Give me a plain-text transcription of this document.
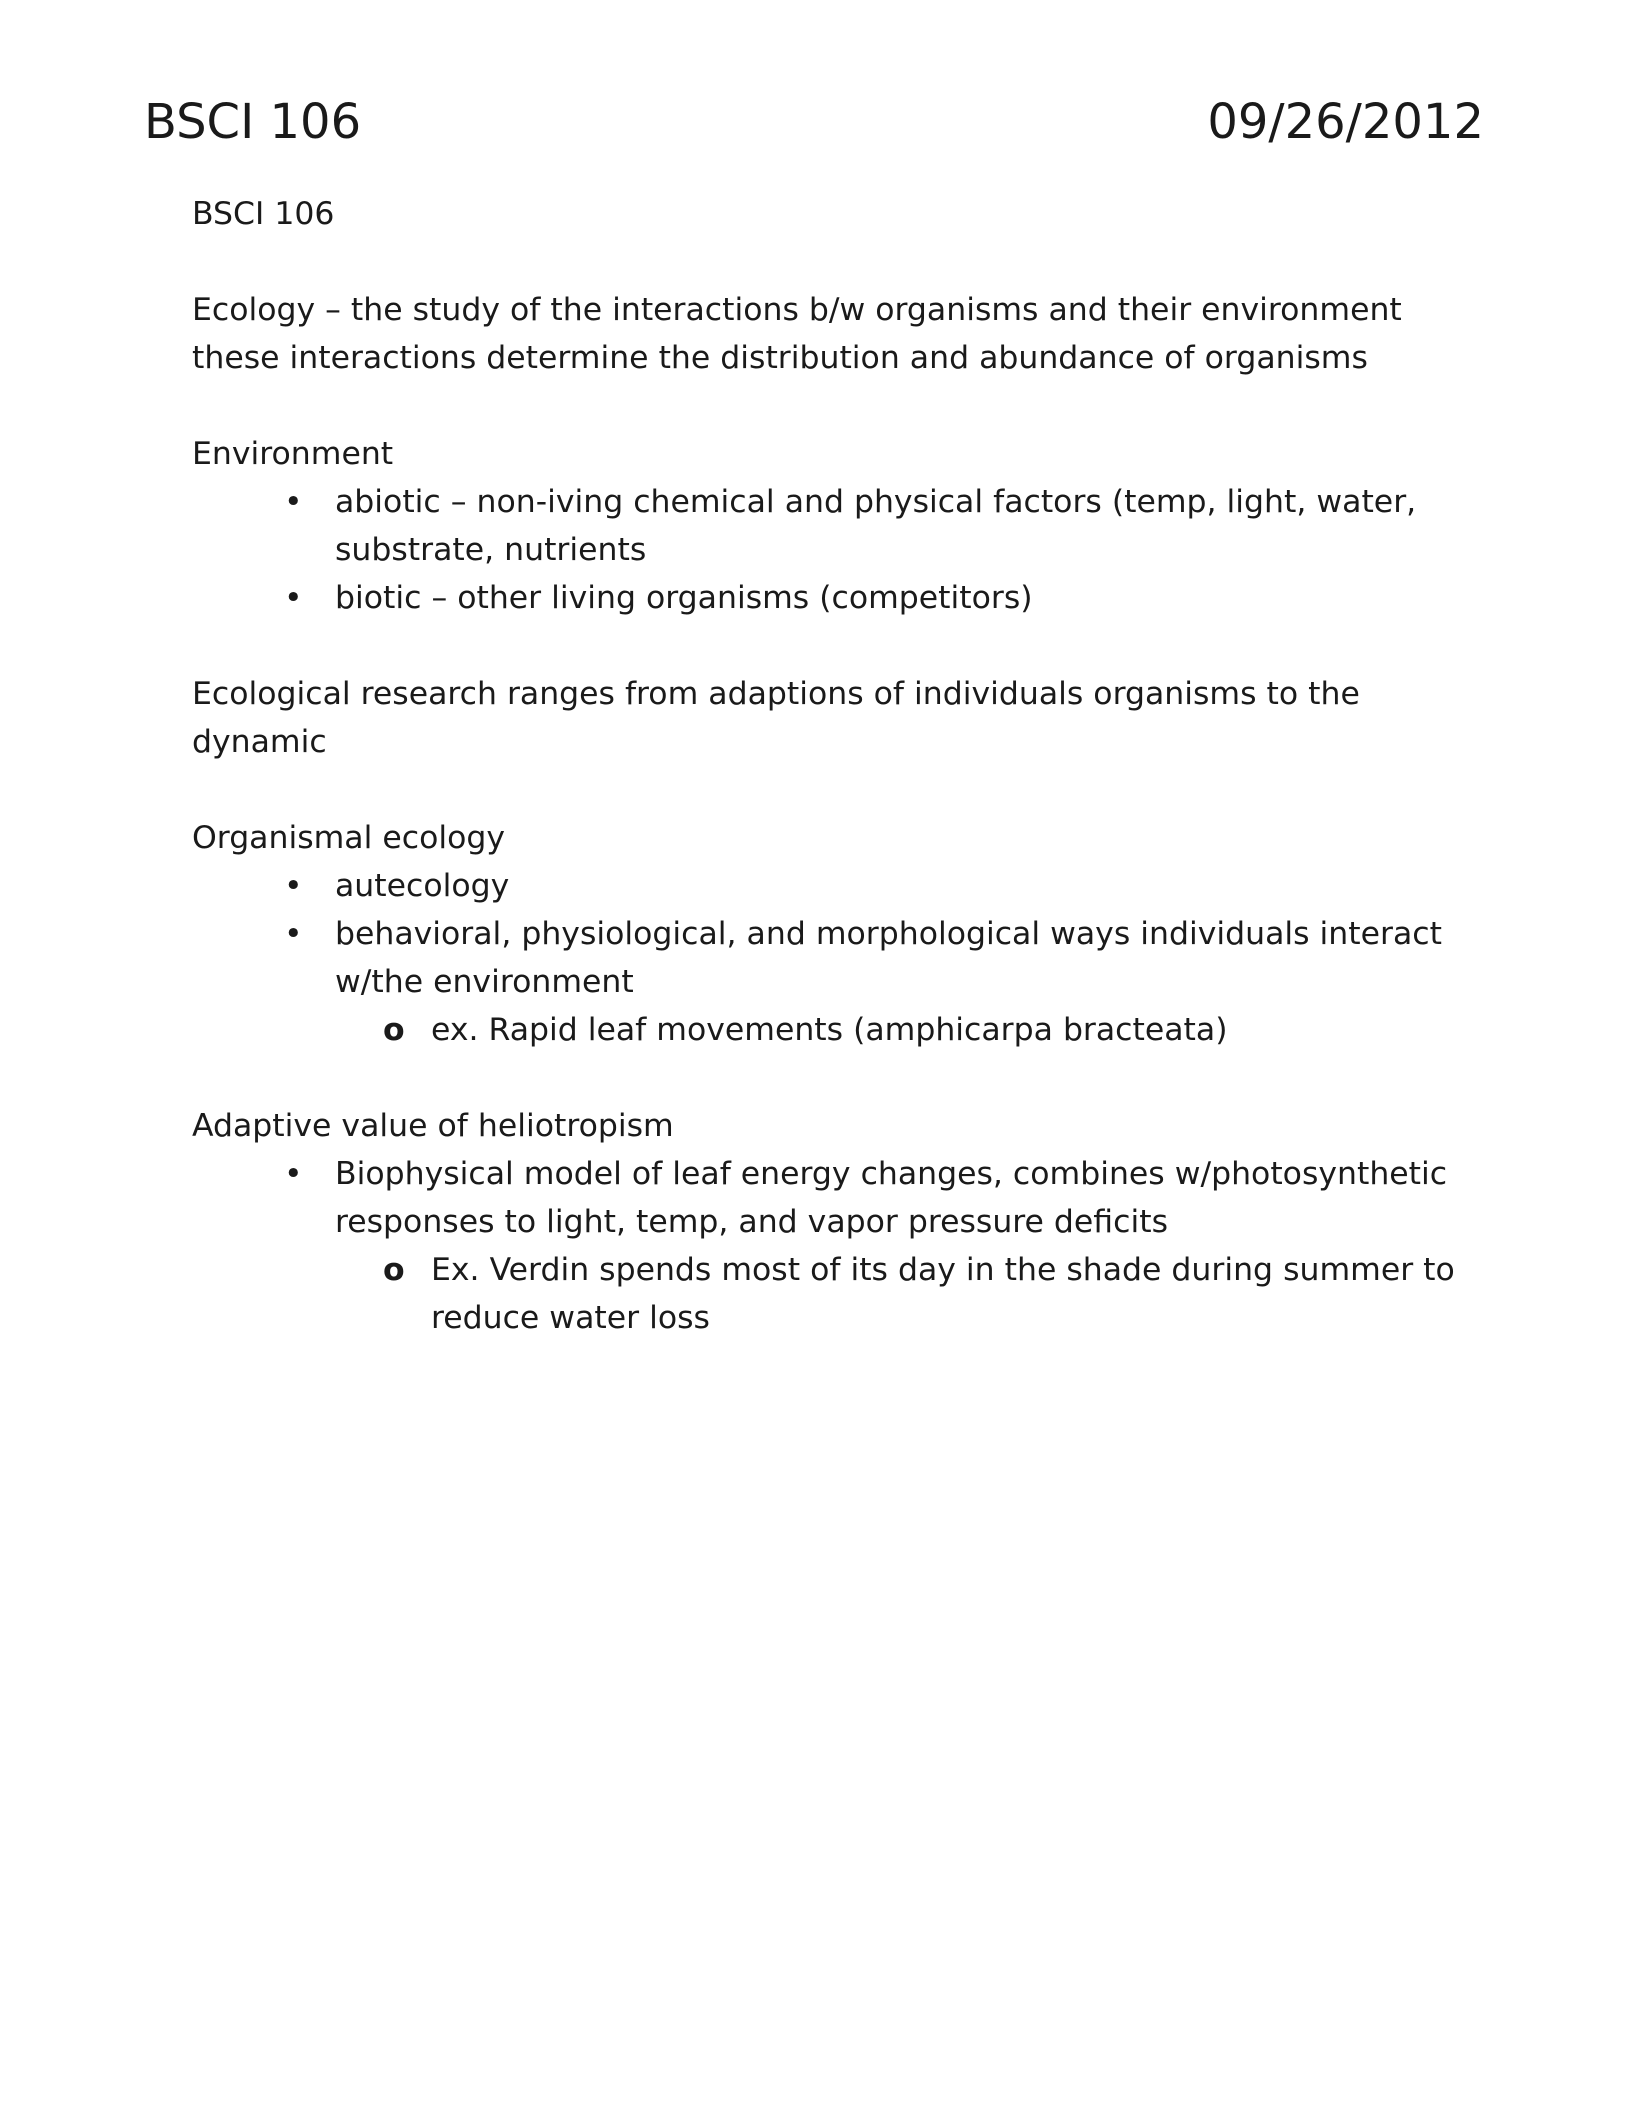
BSCI 106	09/26/2012

BSCI 106

Ecology – the study of the interactions b/w organisms and their environment

these interactions determine the distribution and abundance of organisms

Environment

• abiotic – non-iving chemical and physical factors (temp, light, water, substrate, nutrients
• biotic – other living organisms (competitors)

Ecological research ranges from adaptions of individuals organisms to the dynamic

Organismal ecology

• autecology
• behavioral, physiological, and morphological ways individuals interact w/the environment
o ex. Rapid leaf movements (amphicarpa bracteata)

Adaptive value of heliotropism

• Biophysical model of leaf energy changes, combines w/photosynthetic responses to light, temp, and vapor pressure deficits
o Ex. Verdin spends most of its day in the shade during summer to reduce water loss
